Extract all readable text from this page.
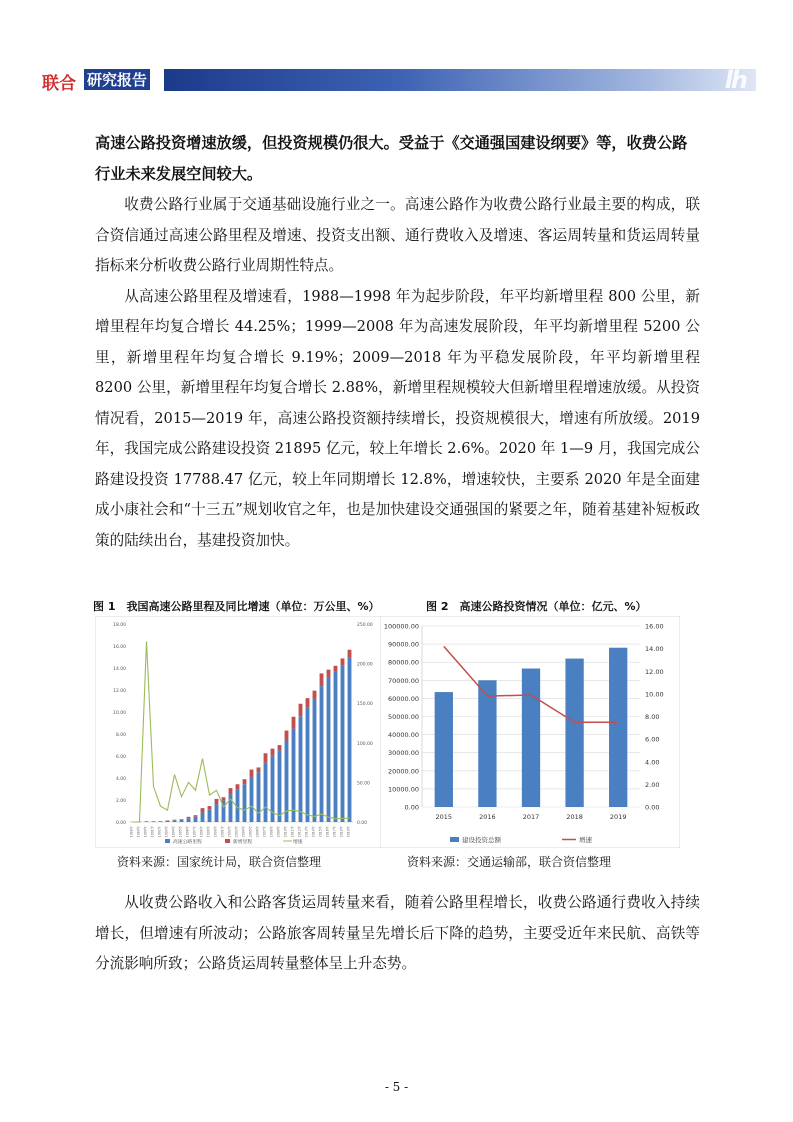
联合 研究报告	lh

高速公路投资增速放缓，但投资规模仍很大。受益于《交通强国建设纲要》等，收费公路行业未来发展空间较大。

收费公路行业属于交通基础设施行业之一。高速公路作为收费公路行业最主要的构成，联合资信通过高速公路里程及增速、投资支出额、通行费收入及增速、客运周转量和货运周转量指标来分析收费公路行业周期性特点。

从高速公路里程及增速看，1988—1998 年为起步阶段，年平均新增里程 800 公里，新增里程年均复合增长 44.25%；1999—2008 年为高速发展阶段，年平均新增里程 5200 公里，新增里程年均复合增长 9.19%；2009—2018 年为平稳发展阶段，年平均新增里程 8200 公里，新增里程年均复合增长 2.88%，新增里程规模较大但新增里程增速放缓。从投资情况看，2015—2019 年，高速公路投资额持续增长，投资规模很大，增速有所放缓。2019 年，我国完成公路建设投资 21895 亿元，较上年增长 2.6%。2020 年 1—9 月，我国完成公路建设投资 17788.47 亿元，较上年同期增长 12.8%，增速较快，主要系 2020 年是全面建成小康社会和“十三五”规划收官之年，也是加快建设交通强国的紧要之年，随着基建补短板政策的陆续出台，基建投资加快。

图 1　我国高速公路里程及同比增速（单位：万公里、%）	图 2　高速公路投资情况（单位：亿元、%）
0.00
2.00
4.00
6.00
8.00
10.00
12.00
14.00
16.00
18.00
0.00
50.00
100.00
150.00
200.00
250.00
1988年 1989年 1990年 1991年 1992年 1993年 1994年 1995年 1996年 1997年 1998年 1999年 2000年 2001年 2002年 2003年 2004年 2005年 2006年 2007年 2008年 2009年 2010年 2011年 2012年 2013年 2014年 2015年 2016年 2017年 2018年 2019年
高速公路里程	新增里程	增速
0.00
10000.00
20000.00
30000.00
40000.00
50000.00
60000.00
70000.00
80000.00
90000.00
100000.00
0.00
2.00
4.00
6.00
8.00
10.00
12.00
14.00
16.00
2015	2016	2017	2018	2019
建设投资总额	增速
资料来源：国家统计局，联合资信整理	资料来源：交通运输部，联合资信整理

从收费公路收入和公路客货运周转量来看，随着公路里程增长，收费公路通行费收入持续增长，但增速有所波动；公路旅客周转量呈先增长后下降的趋势，主要受近年来民航、高铁等分流影响所致；公路货运周转量整体呈上升态势。

- 5 -
